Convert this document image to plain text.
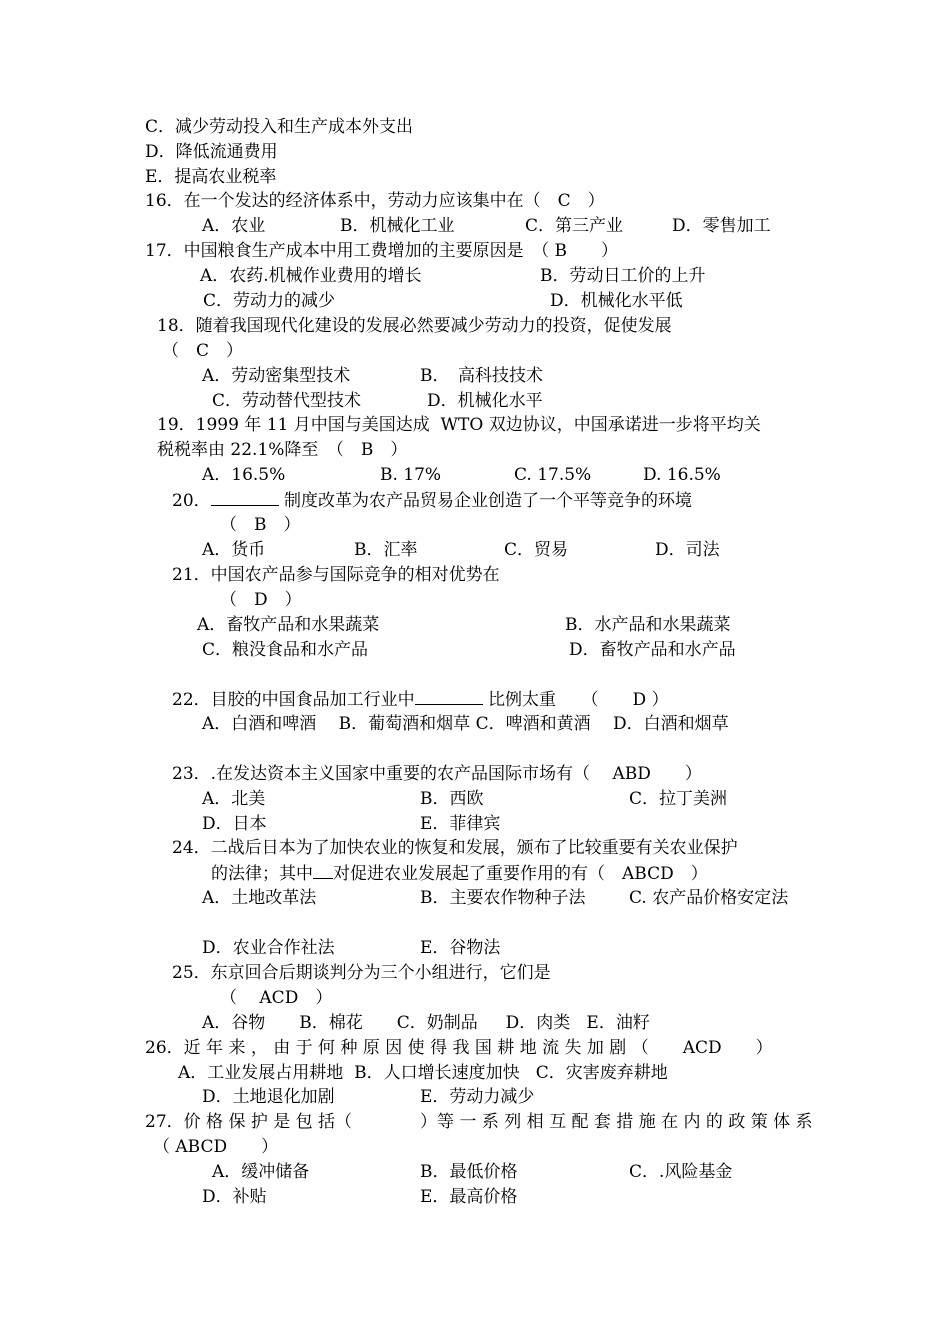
C．减少劳动投入和生产成本外支出
D．降低流通费用
E．提高农业税率
16．在一个发达的经济体系中，劳动力应该集中在（　C　）
A．农业	B．机械化工业	C．第三产业	D．零售加工
17．中国粮食生产成本中用工费增加的主要原因是　（ B　　）
A．农药.机械作业费用的增长	B．劳动日工价的上升
C．劳动力的减少	D．机械化水平低
18．随着我国现代化建设的发展必然要减少劳动力的投资，促使发展
（　C　）
A．劳动密集型技术	B．　高科技技术
C．劳动替代型技术	D．机械化水平
19．1999 年 11 月中国与美国达成  WTO 双边协议，中国承诺进一步将平均关
税税率由 22.1%降至　（　B　）
A．16.5%	B. 17%	C. 17.5%	D. 16.5%
20．	制度改革为农产品贸易企业创造了一个平等竞争的环境
（　B　）
A．货币	B．汇率	C．贸易	D．司法
21．中国农产品参与国际竞争的相对优势在
（　D　）
A．畜牧产品和水果蔬菜	B．水产品和水果蔬菜
C．粮没食品和水产品	D．畜牧产品和水产品
22．目胶的中国食品加工行业中	比例太重　　（　　D ）
A．白酒和啤酒　 B．葡萄酒和烟草 C．啤酒和黄酒　 D．白酒和烟草
23．.在发达资本主义国家中重要的农产品国际市场有（　 ABD　　）
A．北美	B．西欧	C．拉丁美洲
D．日本	E．菲律宾
24．二战后日本为了加快农业的恢复和发展，颁布了比较重要有关农业保护
的法律；其中 对促进农业发展起了重要作用的有（　ABCD　）
A．土地改革法	B．主要农作物种子法	C. 农产品价格安定法
D．农业合作社法	E．谷物法
25．东京回合后期谈判分为三个小组进行，它们是
（　 ACD　）
A．谷物　　B．棉花　　C．奶制品　  D．肉类   E．油籽
26．近 年 来 ， 由 于 何 种 原 因 使 得 我 国 耕 地 流 失 加 剧 （　　ACD　　）
A．工业发展占用耕地  B．人口增长速度加快   C．灾害废弃耕地
D．土地退化加剧	E．劳动力减少
27．价 格 保 护 是 包 括（　　　　）等 一 系 列 相 互 配 套 措 施 在 内 的 政 策 体 系
（ ABCD　　）
A．缓冲储备	B．最低价格	C．.风险基金
D．补贴	E．最高价格
